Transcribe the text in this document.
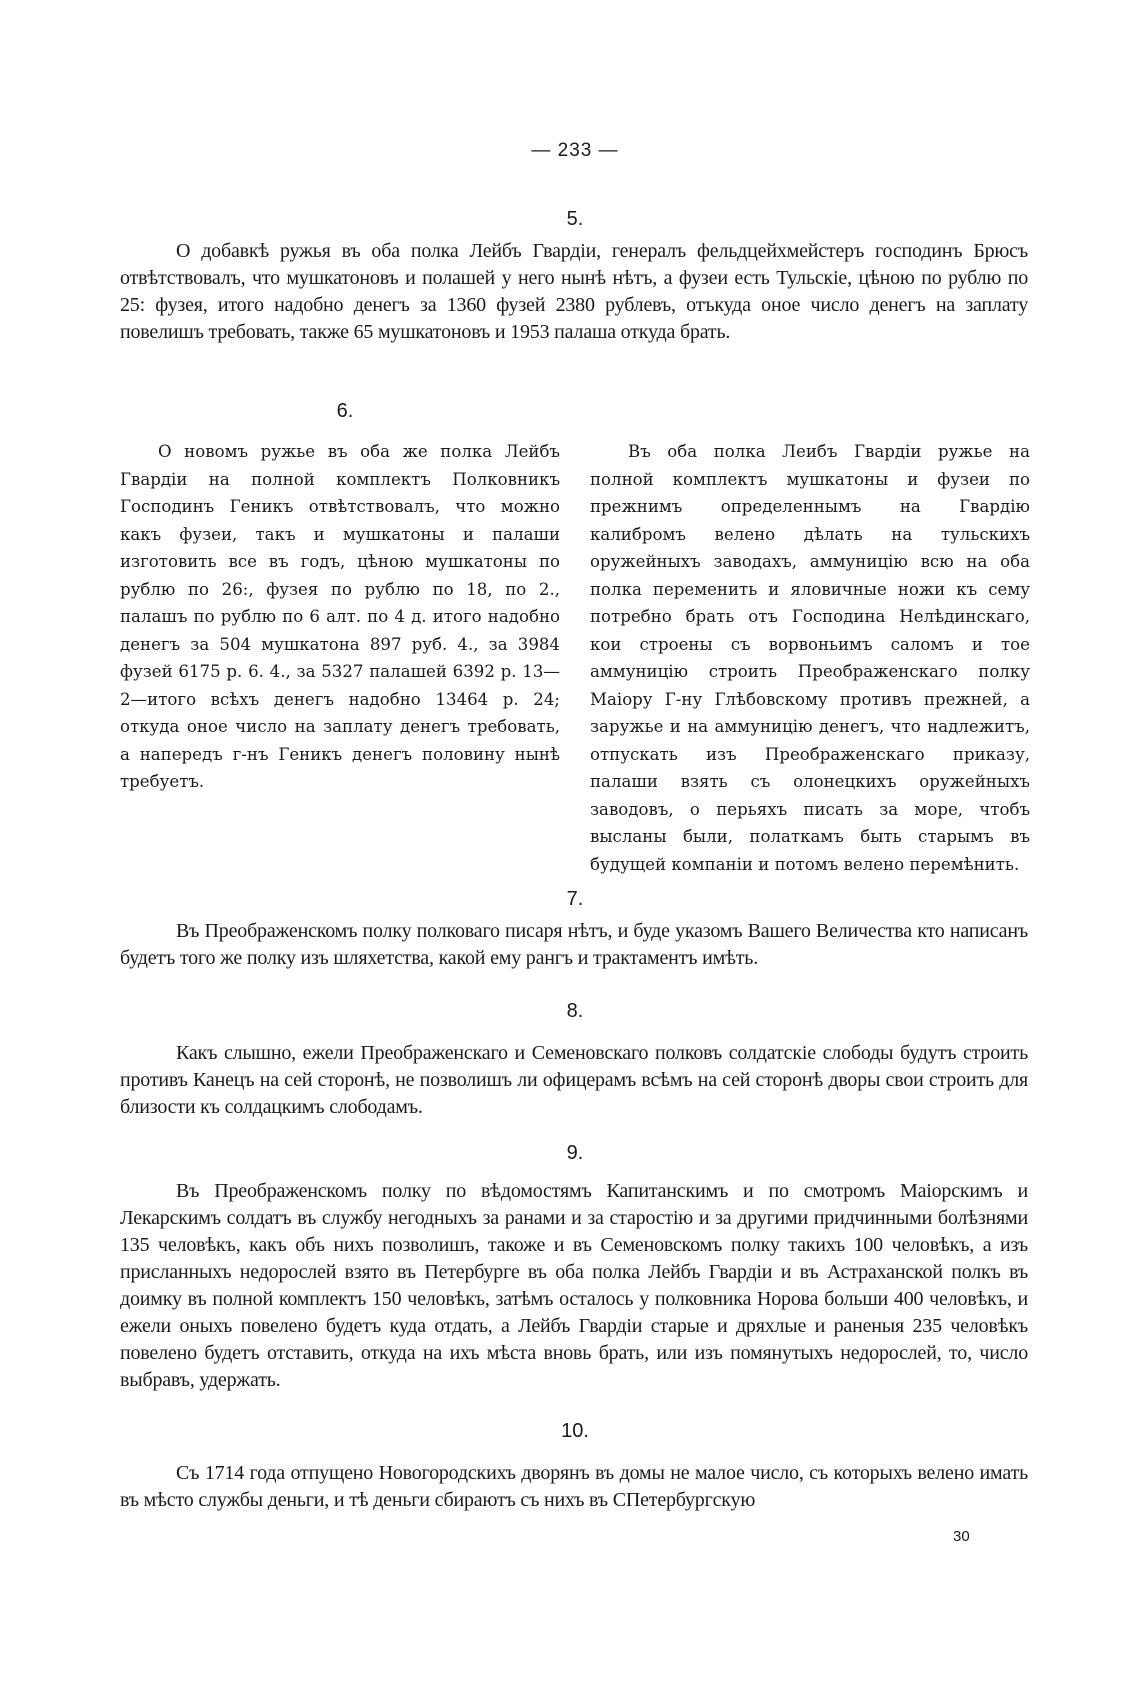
— 233 —
5.
О добавкѣ ружья въ оба полка Лейбъ Гвардіи, генералъ фельдцейхмейстеръ господинъ Брюсъ отвѣтствовалъ, что мушкатоновъ и полашей у него нынѣ нѣтъ, а фузеи есть Тульскіе, цѣною по рублю по 25: фузея, итого надобно денегъ за 1360 фузей 2380 рублевъ, отъкуда оное число денегъ на заплату повелишъ требовать, также 65 мушкатоновъ и 1953 палаша откуда брать.
6.
О новомъ ружье въ оба же полка Лейбъ Гвардіи на полной комплектъ Полковникъ Господинъ Геникъ отвѣтствовалъ, что можно какъ фузеи, такъ и мушкатоны и палаши изготовить все въ годъ, цѣною мушкатоны по рублю по 26:, фузея по рублю по 18, по 2., палашъ по рублю по 6 алт. по 4 д. итого надобно денегъ за 504 мушкатона 897 руб. 4., за 3984 фузей 6175 р. 6. 4., за 5327 палашей 6392 р. 13—2—итого всѣхъ денегъ надобно 13464 р. 24; откуда оное число на заплату денегъ требовать, а напередъ г-нъ Геникъ денегъ половину нынѣ требуетъ.
Въ оба полка Леибъ Гвардіи ружье на полной комплектъ мушкатоны и фузеи по прежнимъ определеннымъ на Гвардію калибромъ велено дѣлать на тульскихъ оружейныхъ заводахъ, аммуницію всю на оба полка переменить и яловичные ножи къ сему потребно брать отъ Господина Нелѣдинскаго, кои строены съ ворвоньимъ саломъ и тое аммуницію строить Преображенскаго полку Маіору Г-ну Глѣбовскому противъ прежней, а заружье и на аммуницію денегъ, что надлежитъ, отпускать изъ Преображенскаго приказу, палаши взять съ олонецкихъ оружейныхъ заводовъ, о перьяхъ писать за море, чтобъ высланы были, полаткамъ быть старымъ въ будущей компаніи и потомъ велено перемѣнить.
7.
Въ Преображенскомъ полку полковаго писаря нѣтъ, и буде указомъ Вашего Величества кто написанъ будетъ того же полку изъ шляхетства, какой ему рангъ и трактаментъ имѣть.
8.
Какъ слышно, ежели Преображенскаго и Семеновскаго полковъ солдатскіе слободы будутъ строить противъ Канецъ на сей сторонѣ, не позволишъ ли офицерамъ всѣмъ на сей сторонѣ дворы свои строить для близости къ солдацкимъ слободамъ.
9.
Въ Преображенскомъ полку по вѣдомостямъ Капитанскимъ и по смотромъ Маіорскимъ и Лекарскимъ солдатъ въ службу негодныхъ за ранами и за старостію и за другими придчинными болѣзнями 135 человѣкъ, какъ объ нихъ позволишъ, такоже и въ Семеновскомъ полку такихъ 100 человѣкъ, а изъ присланныхъ недорослей взято въ Петербурге въ оба полка Лейбъ Гвардіи и въ Астраханской полкъ въ доимку въ полной комплектъ 150 человѣкъ, затѣмъ осталось у полковника Норова больши 400 человѣкъ, и ежели оныхъ повелено будетъ куда отдать, а Лейбъ Гвардіи старые и дряхлые и раненыя 235 человѣкъ повелено будетъ отставить, откуда на ихъ мѣста вновь брать, или изъ помянутыхъ недорослей, то, число выбравъ, удержать.
10.
Съ 1714 года отпущено Новогородскихъ дворянъ въ домы не малое число, съ которыхъ велено имать въ мѣсто службы деньги, и тѣ деньги сбираютъ съ нихъ въ СПетербургскую
30
